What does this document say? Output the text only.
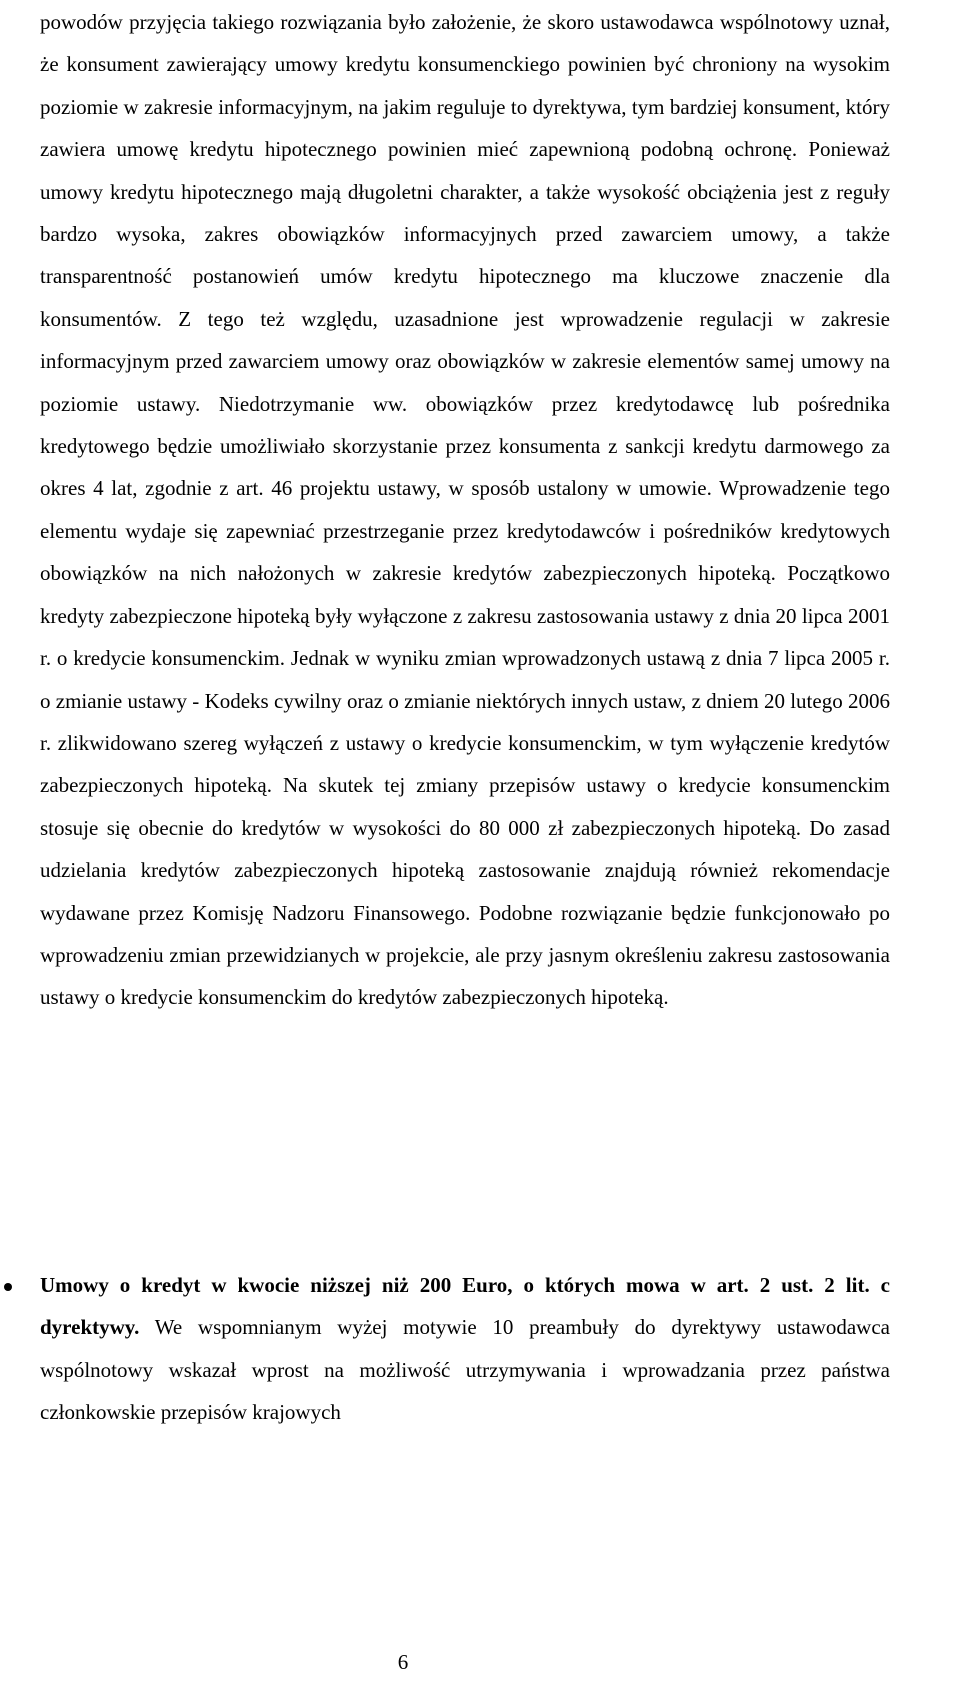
powodów przyjęcia takiego rozwiązania było założenie, że skoro ustawodawca wspólnotowy uznał, że konsument zawierający umowy kredytu konsumenckiego powinien być chroniony na wysokim poziomie w zakresie informacyjnym, na jakim reguluje to dyrektywa, tym bardziej konsument, który zawiera umowę kredytu hipotecznego powinien mieć zapewnioną podobną ochronę. Ponieważ umowy kredytu hipotecznego mają długoletni charakter, a także wysokość obciążenia jest z reguły bardzo wysoka, zakres obowiązków informacyjnych przed zawarciem umowy, a także transparentność postanowień umów kredytu hipotecznego ma kluczowe znaczenie dla konsumentów. Z tego też względu, uzasadnione jest wprowadzenie regulacji w zakresie informacyjnym przed zawarciem umowy oraz obowiązków w zakresie elementów samej umowy na poziomie ustawy. Niedotrzymanie ww. obowiązków przez kredytodawcę lub pośrednika kredytowego będzie umożliwiało skorzystanie przez konsumenta z sankcji kredytu darmowego za okres 4 lat, zgodnie z art. 46 projektu ustawy, w sposób ustalony w umowie. Wprowadzenie tego elementu wydaje się zapewniać przestrzeganie przez kredytodawców i pośredników kredytowych obowiązków na nich nałożonych w zakresie kredytów zabezpieczonych hipoteką. Początkowo kredyty zabezpieczone hipoteką były wyłączone z zakresu zastosowania ustawy z dnia 20 lipca 2001 r. o kredycie konsumenckim. Jednak w wyniku zmian wprowadzonych ustawą z dnia 7 lipca 2005 r. o zmianie ustawy - Kodeks cywilny oraz o zmianie niektórych innych ustaw, z dniem 20 lutego 2006 r. zlikwidowano szereg wyłączeń z ustawy o kredycie konsumenckim, w tym wyłączenie kredytów zabezpieczonych hipoteką. Na skutek tej zmiany przepisów ustawy o kredycie konsumenckim stosuje się obecnie do kredytów w wysokości do 80 000 zł zabezpieczonych hipoteką. Do zasad udzielania kredytów zabezpieczonych hipoteką zastosowanie znajdują również rekomendacje wydawane przez Komisję Nadzoru Finansowego. Podobne rozwiązanie będzie funkcjonowało po wprowadzeniu zmian przewidzianych w projekcie, ale przy jasnym określeniu zakresu zastosowania ustawy o kredycie konsumenckim do kredytów zabezpieczonych hipoteką.

Umowy o kredyt w kwocie niższej niż 200 Euro, o których mowa w art. 2 ust. 2 lit. c dyrektywy. We wspomnianym wyżej motywie 10 preambuły do dyrektywy ustawodawca wspólnotowy wskazał wprost na możliwość utrzymywania i wprowadzania przez państwa członkowskie przepisów krajowych

6
